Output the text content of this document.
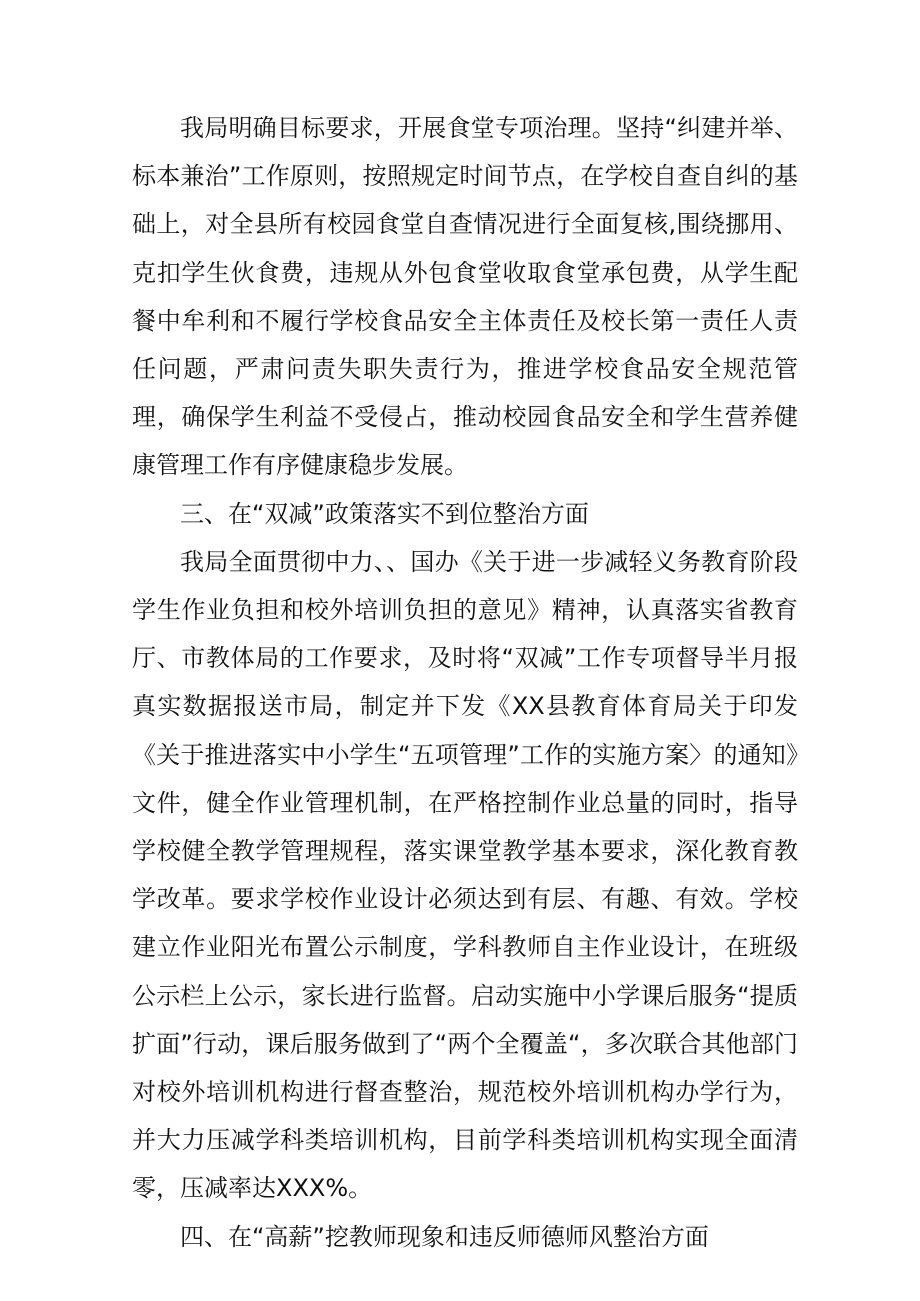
我局明确目标要求，开展食堂专项治理。坚持“纠建并举、标本兼治”工作原则，按照规定时间节点，在学校自查自纠的基础上，对全县所有校园食堂自查情况进行全面复核,围绕挪用、克扣学生伙食费，违规从外包食堂收取食堂承包费，从学生配餐中牟利和不履行学校食品安全主体责任及校长第一责任人责任问题，严肃问责失职失责行为，推进学校食品安全规范管理，确保学生利益不受侵占，推动校园食品安全和学生营养健康管理工作有序健康稳步发展。

三、在“双减”政策落实不到位整治方面

我局全面贯彻中力、、国办《关于进一步减轻义务教育阶段学生作业负担和校外培训负担的意见》精神，认真落实省教育厅、市教体局的工作要求，及时将“双减”工作专项督导半月报真实数据报送市局，制定并下发《XX县教育体育局关于印发《关于推进落实中小学生“五项管理”工作的实施方案〉的通知》文件，健全作业管理机制，在严格控制作业总量的同时，指导学校健全教学管理规程，落实课堂教学基本要求，深化教育教学改革。要求学校作业设计必须达到有层、有趣、有效。学校建立作业阳光布置公示制度，学科教师自主作业设计，在班级公示栏上公示，家长进行监督。启动实施中小学课后服务“提质扩面”行动，课后服务做到了“两个全覆盖“，多次联合其他部门对校外培训机构进行督查整治，规范校外培训机构办学行为，并大力压减学科类培训机构，目前学科类培训机构实现全面清零，压减率达XXX%。

四、在“高薪”挖教师现象和违反师德师风整治方面
